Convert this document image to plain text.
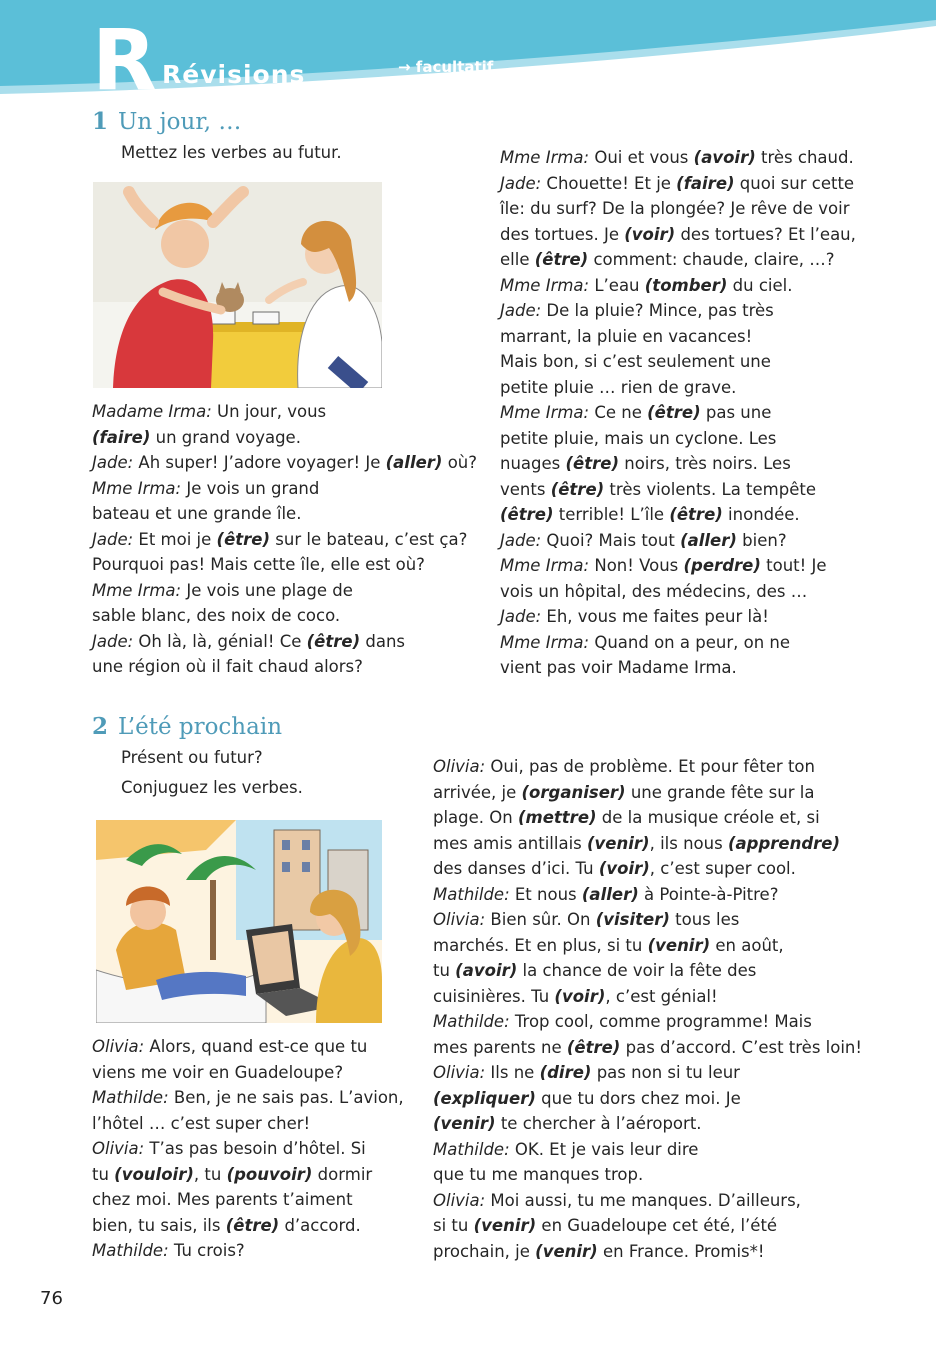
R Révisions	→ facultatif
1 Un jour, …
Mettez les verbes au futur.
Madame Irma: Un jour, vous
(faire) un grand voyage.
Jade: Ah super! J’adore voyager! Je (aller) où?
Mme Irma: Je vois un grand
bateau et une grande île.
Jade: Et moi je (être) sur le bateau, c’est ça?
Pourquoi pas! Mais cette île, elle est où?
Mme Irma: Je vois une plage de
sable blanc, des noix de coco.
Jade: Oh là, là, génial! Ce (être) dans
une région où il fait chaud alors?
Mme Irma: Oui et vous (avoir) très chaud.
Jade: Chouette! Et je (faire) quoi sur cette
île: du surf? De la plongée? Je rêve de voir
des tortues. Je (voir) des tortues? Et l’eau,
elle (être) comment: chaude, claire, …?
Mme Irma: L’eau (tomber) du ciel.
Jade: De la pluie? Mince, pas très
marrant, la pluie en vacances!
Mais bon, si c’est seulement une
petite pluie … rien de grave.
Mme Irma: Ce ne (être) pas une
petite pluie, mais un cyclone. Les
nuages (être) noirs, très noirs. Les
vents (être) très violents. La tempête
(être) terrible! L’île (être) inondée.
Jade: Quoi? Mais tout (aller) bien?
Mme Irma: Non! Vous (perdre) tout! Je
vois un hôpital, des médecins, des …
Jade: Eh, vous me faites peur là!
Mme Irma: Quand on a peur, on ne
vient pas voir Madame Irma.
2 L’été prochain
Présent ou futur?
Conjuguez les verbes.
Olivia: Alors, quand est-ce que tu
viens me voir en Guadeloupe?
Mathilde: Ben, je ne sais pas. L’avion,
l’hôtel … c’est super cher!
Olivia: T’as pas besoin d’hôtel. Si
tu (vouloir), tu (pouvoir) dormir
chez moi. Mes parents t’aiment
bien, tu sais, ils (être) d’accord.
Mathilde: Tu crois?
Olivia: Oui, pas de problème. Et pour fêter ton
arrivée, je (organiser) une grande fête sur la
plage. On (mettre) de la musique créole et, si
mes amis antillais (venir), ils nous (apprendre)
des danses d’ici. Tu (voir), c’est super cool.
Mathilde: Et nous (aller) à Pointe-à-Pitre?
Olivia: Bien sûr. On (visiter) tous les
marchés. Et en plus, si tu (venir) en août,
tu (avoir) la chance de voir la fête des
cuisinières. Tu (voir), c’est génial!
Mathilde: Trop cool, comme programme! Mais
mes parents ne (être) pas d’accord. C’est très loin!
Olivia: Ils ne (dire) pas non si tu leur
(expliquer) que tu dors chez moi. Je
(venir) te chercher à l’aéroport.
Mathilde: OK. Et je vais leur dire
que tu me manques trop.
Olivia: Moi aussi, tu me manques. D’ailleurs,
si tu (venir) en Guadeloupe cet été, l’été
prochain, je (venir) en France. Promis*!
76
